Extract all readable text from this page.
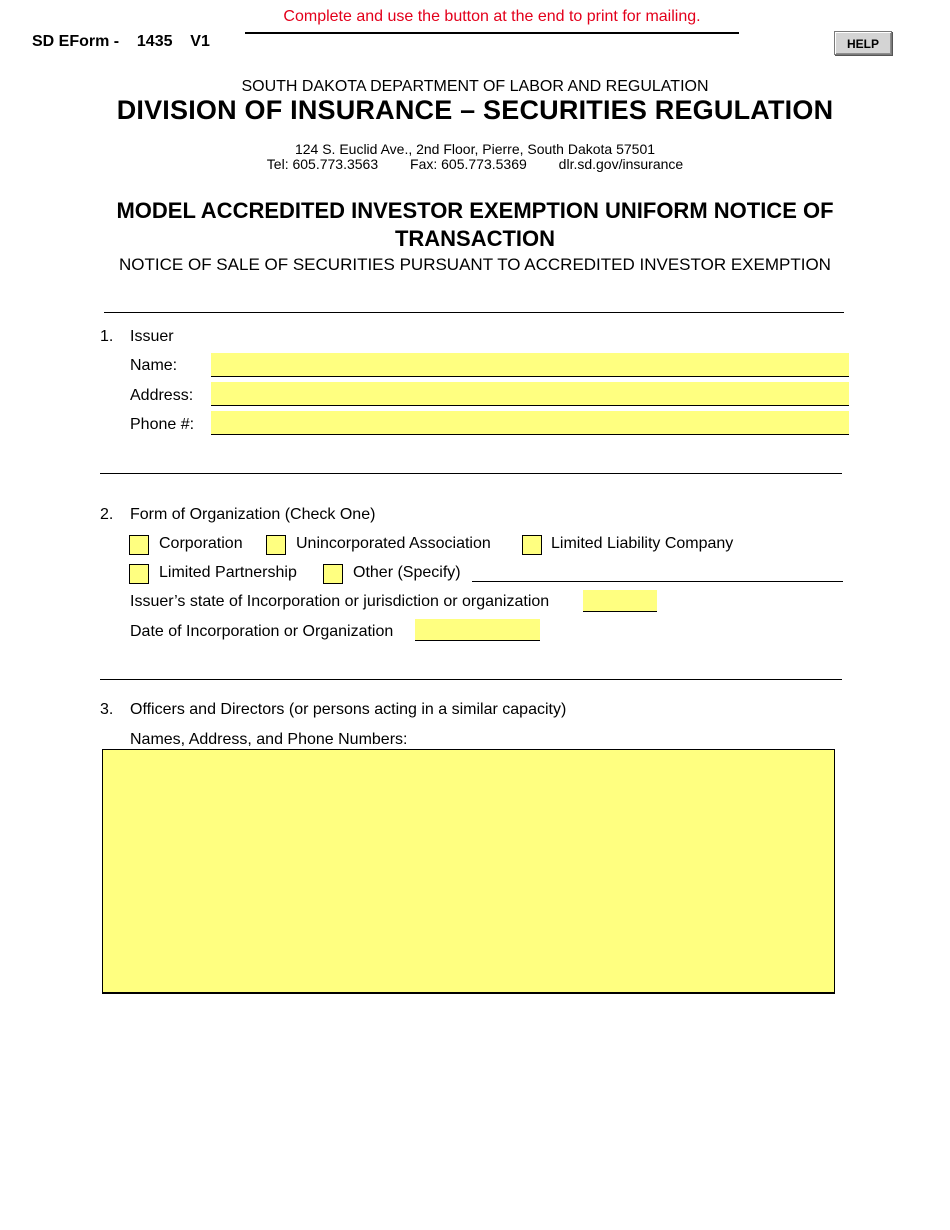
Complete and use the button at the end to print for mailing.
SD EForm -    1435    V1	HELP
SOUTH DAKOTA DEPARTMENT OF LABOR AND REGULATION
DIVISION OF INSURANCE – SECURITIES REGULATION
124 S. Euclid Ave., 2nd Floor, Pierre, South Dakota 57501
Tel: 605.773.3563 Fax: 605.773.5369 dlr.sd.gov/insurance
MODEL ACCREDITED INVESTOR EXEMPTION UNIFORM NOTICE OF TRANSACTION
NOTICE OF SALE OF SECURITIES PURSUANT TO ACCREDITED INVESTOR EXEMPTION
1. Issuer
Name:
Address:
Phone #:
2. Form of Organization (Check One)
Corporation	Unincorporated Association	Limited Liability Company
Limited Partnership	Other (Specify)
Issuer’s state of Incorporation or jurisdiction or organization
Date of Incorporation or Organization
3. Officers and Directors (or persons acting in a similar capacity)
Names, Address, and Phone Numbers:
